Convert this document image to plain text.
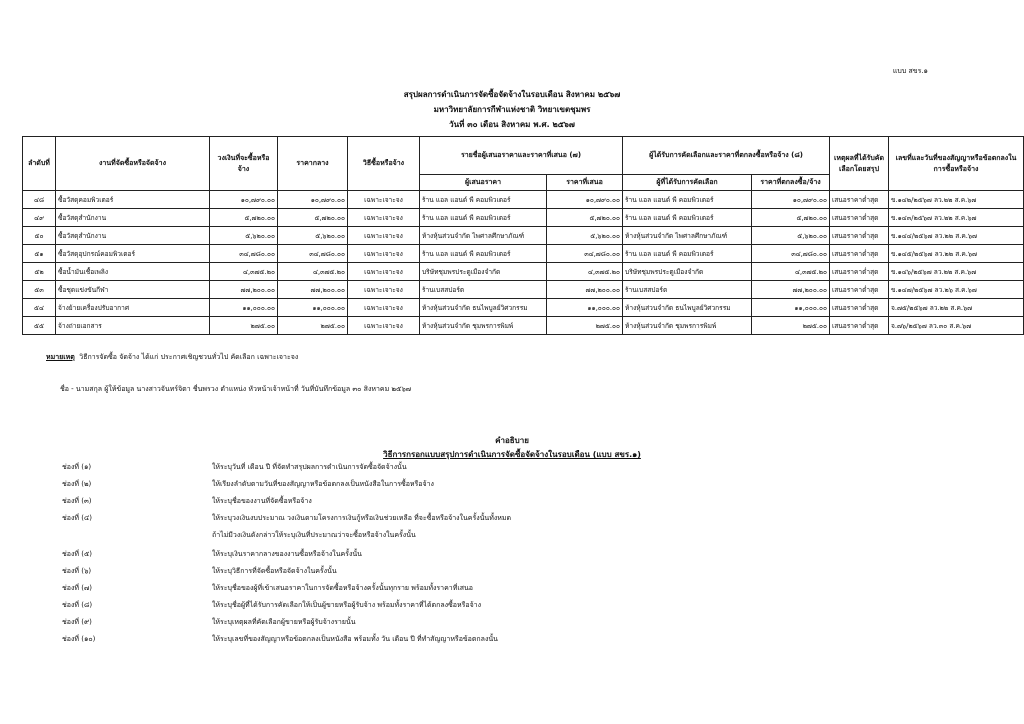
แบบ สขร.๑
สรุปผลการดำเนินการจัดซื้อจัดจ้างในรอบเดือน สิงหาคม ๒๕๖๗
มหาวิทยาลัยการกีฬาแห่งชาติ วิทยาเขตชุมพร
วันที่ ๓๐ เดือน สิงหาคม พ.ศ. ๒๕๖๗
ลำดับที่	งานที่จัดซื้อหรือจัดจ้าง	วงเงินที่จะซื้อหรือจ้าง	ราคากลาง	วิธีซื้อหรือจ้าง	รายชื่อผู้เสนอราคาและราคาที่เสนอ (๗)		ผู้ได้รับการคัดเลือกและราคาที่ตกลงซื้อหรือจ้าง (๘)		เหตุผลที่ได้รับคัดเลือกโดยสรุป	เลขที่และวันที่ของสัญญาหรือข้อตกลงในการซื้อหรือจ้าง
					ผู้เสนอราคา	ราคาที่เสนอ	ผู้ที่ได้รับการคัดเลือก	ราคาที่ตกลงซื้อ/จ้าง		
๔๘	ซื้อวัสดุคอมพิวเตอร์	๑๐,๗๙๐.๐๐	๑๐,๗๙๐.๐๐	เฉพาะเจาะจง	ร้าน แอล แอนด์ พี คอมพิวเตอร์	๑๐,๗๙๐.๐๐	ร้าน แอล แอนด์ พี คอมพิวเตอร์	๑๐,๗๙๐.๐๐	เสนอราคาต่ำสุด	ข.๑๔๒/๒๕๖๗ ลว.๒๒ ส.ค.๖๗
๔๙	ซื้อวัสดุสำนักงาน	๕,๗๒๐.๐๐	๕,๗๒๐.๐๐	เฉพาะเจาะจง	ร้าน แอล แอนด์ พี คอมพิวเตอร์	๕,๗๒๐.๐๐	ร้าน แอล แอนด์ พี คอมพิวเตอร์	๕,๗๒๐.๐๐	เสนอราคาต่ำสุด	ข.๑๔๓/๒๕๖๗ ลว.๒๒ ส.ค.๖๗
๕๐	ซื้อวัสดุสำนักงาน	๕,๖๒๐.๐๐	๕,๖๒๐.๐๐	เฉพาะเจาะจง	ห้างหุ้นส่วนจำกัด ไพศาลศึกษาภัณฑ์	๕,๖๒๐.๐๐	ห้างหุ้นส่วนจำกัด ไพศาลศึกษาภัณฑ์	๕,๖๒๐.๐๐	เสนอราคาต่ำสุด	ข.๑๔๔/๒๕๖๗ ลว.๒๒ ส.ค.๖๗
๕๑	ซื้อวัสดุอุปกรณ์คอมพิวเตอร์	๓๔,๗๘๐.๐๐	๓๔,๗๘๐.๐๐	เฉพาะเจาะจง	ร้าน แอล แอนด์ พี คอมพิวเตอร์	๓๔,๗๘๐.๐๐	ร้าน แอล แอนด์ พี คอมพิวเตอร์	๓๔,๗๘๐.๐๐	เสนอราคาต่ำสุด	ข.๑๔๕/๒๕๖๗ ลว.๒๒ ส.ค.๖๗
๕๒	ซื้อน้ำมันเชื้อเพลิง	๔,๓๗๕.๒๐	๔,๓๗๕.๒๐	เฉพาะเจาะจง	บริษัทชุมพรประตูเมืองจำกัด	๔,๓๗๕.๒๐	บริษัทชุมพรประตูเมืองจำกัด	๔,๓๗๕.๒๐	เสนอราคาต่ำสุด	ข.๑๔๖/๒๕๖๗ ลว.๒๒ ส.ค.๖๗
๕๓	ซื้อชุดแข่งขันกีฬา	๗๗,๒๐๐.๐๐	๗๗,๒๐๐.๐๐	เฉพาะเจาะจง	ร้านเบสสปอร์ต	๗๗,๒๐๐.๐๐	ร้านเบสสปอร์ต	๗๗,๒๐๐.๐๐	เสนอราคาต่ำสุด	ข.๑๔๗/๒๕๖๗ ลว.๒๖ ส.ค.๖๗
๕๔	จ้างย้ายเครื่องปรับอากาศ	๑๑,๐๐๐.๐๐	๑๑,๐๐๐.๐๐	เฉพาะเจาะจง	ห้างหุ้นส่วนจำกัด ธนไพบูลย์วิศวกรรม	๑๑,๐๐๐.๐๐	ห้างหุ้นส่วนจำกัด ธนไพบูลย์วิศวกรรม	๑๑,๐๐๐.๐๐	เสนอราคาต่ำสุด	จ.๗๕/๒๕๖๗ ลว.๒๒ ส.ค.๖๗
๕๕	จ้างถ่ายเอกสาร	๒๗๕.๐๐	๒๗๕.๐๐	เฉพาะเจาะจง	ห้างหุ้นส่วนจำกัด ชุมพรการพิมพ์	๒๗๕.๐๐	ห้างหุ้นส่วนจำกัด ชุมพรการพิมพ์	๒๗๕.๐๐	เสนอราคาต่ำสุด	จ.๗๖/๒๕๖๗ ลว.๓๐ ส.ค.๖๗
หมายเหตุ วิธีการจัดซื้อ จัดจ้าง ได้แก่ ประกาศเชิญชวนทั่วไป คัดเลือก เฉพาะเจาะจง
ชื่อ - นามสกุล ผู้ให้ข้อมูล นางสาวจันทร์จิตา ชื่นพรวง ตำแหน่ง หัวหน้าเจ้าหน้าที่ วันที่บันทึกข้อมูล ๓๐ สิงหาคม ๒๕๖๗
คำอธิบาย
วิธีการกรอกแบบสรุปการดำเนินการจัดซื้อจัดจ้างในรอบเดือน (แบบ สขร.๑)
ช่องที่ (๑)	ให้ระบุวันที่ เดือน ปี ที่จัดทำสรุปผลการดำเนินการจัดซื้อจัดจ้างนั้น
ช่องที่ (๒)	ให้เรียงลำดับตามวันที่ของสัญญาหรือข้อตกลงเป็นหนังสือในการซื้อหรือจ้าง
ช่องที่ (๓)	ให้ระบุชื่อของงานที่จัดซื้อหรือจ้าง
ช่องที่ (๔)	ให้ระบุวงเงินงบประมาณ วงเงินตามโครงการเงินกู้หรือเงินช่วยเหลือ ที่จะซื้อหรือจ้างในครั้งนั้นทั้งหมด
ถ้าไม่มีวงเงินดังกล่าวให้ระบุเงินที่ประมาณว่าจะซื้อหรือจ้างในครั้งนั้น
ช่องที่ (๕)	ให้ระบุเงินราคากลางของงานซื้อหรือจ้างในครั้งนั้น
ช่องที่ (๖)	ให้ระบุวิธีการที่จัดซื้อหรือจัดจ้างในครั้งนั้น
ช่องที่ (๗)	ให้ระบุชื่อของผู้ที่เข้าเสนอราคาในการจัดซื้อหรือจ้างครั้งนั้นทุกราย พร้อมทั้งราคาที่เสนอ
ช่องที่ (๘)	ให้ระบุชื่อผู้ที่ได้รับการคัดเลือกให้เป็นผู้ขายหรือผู้รับจ้าง พร้อมทั้งราคาที่ได้ตกลงซื้อหรือจ้าง
ช่องที่ (๙)	ให้ระบุเหตุผลที่คัดเลือกผู้ขายหรือผู้รับจ้างรายนั้น
ช่องที่ (๑๐)	ให้ระบุเลขที่ของสัญญาหรือข้อตกลงเป็นหนังสือ พร้อมทั้ง วัน เดือน ปี ที่ทำสัญญาหรือข้อตกลงนั้น
